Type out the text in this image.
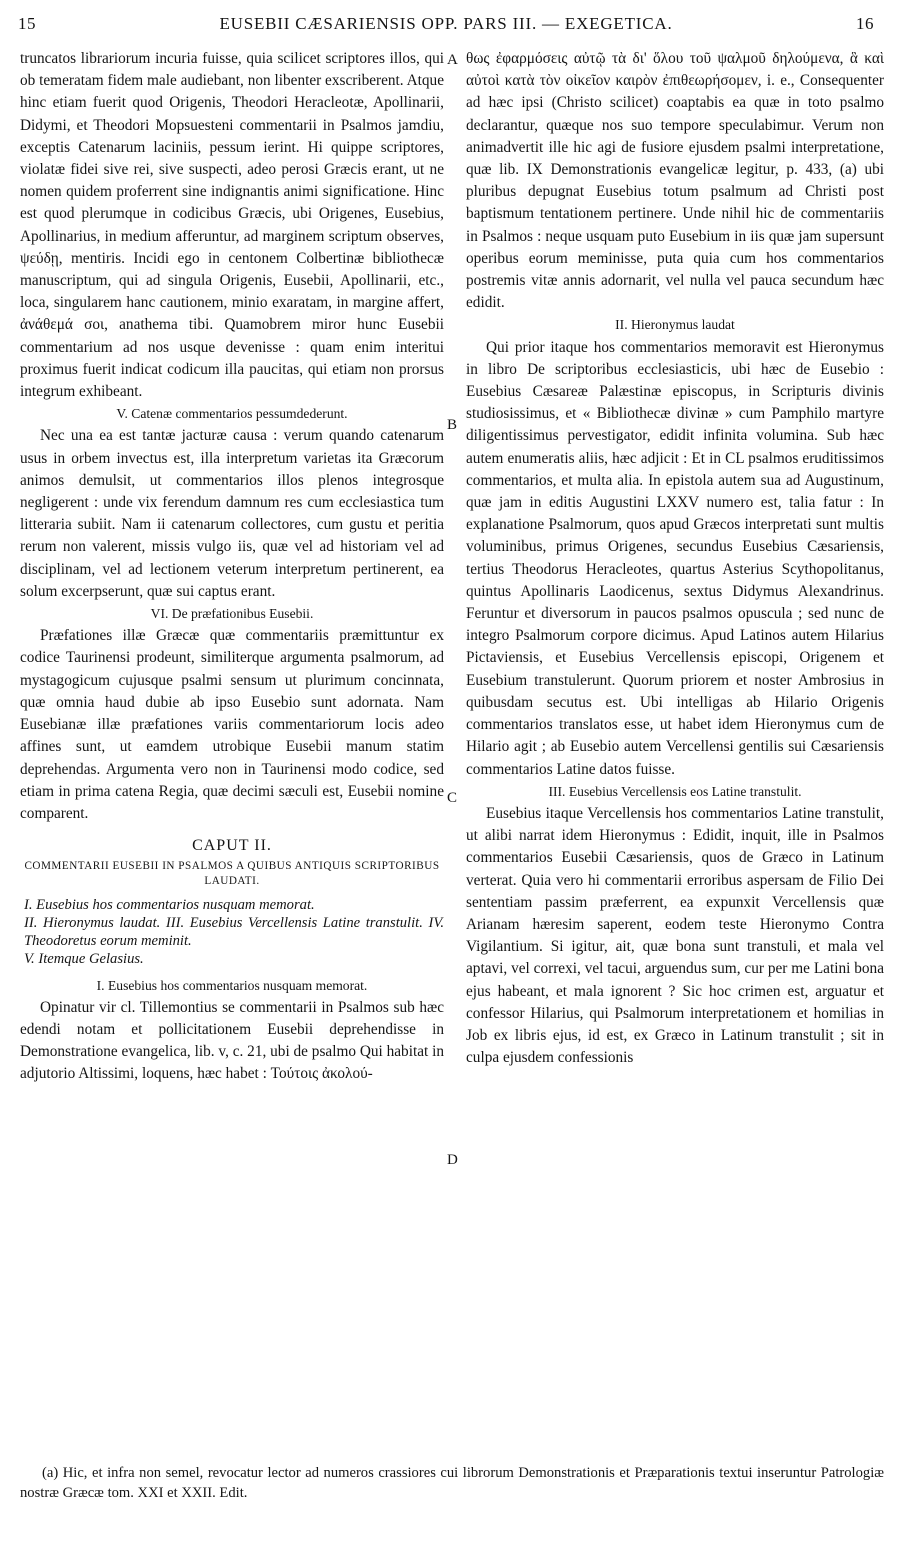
15	EUSEBII CÆSARIENSIS OPP. PARS III. — EXEGETICA.	16

truncatos librariorum incuria fuisse, quia scilicet scriptores illos, qui ob temeratam fidem male audiebant, non libenter exscriberent. Atque hinc etiam fuerit quod Origenis, Theodori Heracleotæ, Apollinarii, Didymi, et Theodori Mopsuesteni commentarii in Psalmos jamdiu, exceptis Catenarum laciniis, pessum ierint. Hi quippe scriptores, violatæ fidei sive rei, sive suspecti, adeo perosi Græcis erant, ut ne nomen quidem proferrent sine indignantis animi significatione. Hinc est quod plerumque in codicibus Græcis, ubi Origenes, Eusebius, Apollinarius, in medium afferuntur, ad marginem scriptum observes, ψεύδῃ, mentiris. Incidi ego in centonem Colbertinæ bibliothecæ manuscriptum, qui ad singula Origenis, Eusebii, Apollinarii, etc., loca, singularem hanc cautionem, minio exaratam, in margine affert, ἀνάθεμά σοι, anathema tibi. Quamobrem miror hunc Eusebii commentarium ad nos usque devenisse : quam enim interitui proximus fuerit indicat codicum illa paucitas, qui etiam non prorsus integrum exhibeant.

V. Catenæ commentarios pessumdederunt.

Nec una ea est tantæ jacturæ causa : verum quando catenarum usus in orbem invectus est, illa interpretum varietas ita Græcorum animos demulsit, ut commentarios illos plenos integrosque negligerent : unde vix ferendum damnum res cum ecclesiastica tum litteraria subiit. Nam ii catenarum collectores, cum gustu et peritia rerum non valerent, missis vulgo iis, quæ vel ad historiam vel ad disciplinam, vel ad lectionem veterum interpretum pertinerent, ea solum excerpserunt, quæ sui captus erant.

VI. De præfationibus Eusebii.

Præfationes illæ Græcæ quæ commentariis præmittuntur ex codice Taurinensi prodeunt, similiterque argumenta psalmorum, ad mystagogicum cujusque psalmi sensum ut plurimum concinnata, quæ omnia haud dubie ab ipso Eusebio sunt adornata. Nam Eusebianæ illæ præfationes variis commentariorum locis adeo affines sunt, ut eamdem utrobique Eusebii manum statim deprehendas. Argumenta vero non in Taurinensi modo codice, sed etiam in prima catena Regia, quæ decimi sæculi est, Eusebii nomine comparent.

CAPUT II.
COMMENTARII EUSEBII IN PSALMOS A QUIBUS ANTIQUIS SCRIPTORIBUS LAUDATI.
I. Eusebius hos commentarios nusquam memorat.
II. Hieronymus laudat. III. Eusebius Vercellensis Latine transtulit. IV. Theodoretus eorum meminit.
V. Itemque Gelasius.

I. Eusebius hos commentarios nusquam memorat.

Opinatur vir cl. Tillemontius se commentarii in Psalmos sub hæc edendi notam et pollicitationem Eusebii deprehendisse in Demonstratione evangelica, lib. v, c. 21, ubi de psalmo Qui habitat in adjutorio Altissimi, loquens, hæc habet : Τούτοις ἀκολού-

θως ἐφαρμόσεις αὐτῷ τὰ δι' ὅλου τοῦ ψαλμοῦ δηλούμενα, ἃ καὶ αὐτοὶ κατὰ τὸν οἰκεῖον καιρὸν ἐπιθεωρήσομεν, i. e., Consequenter ad hæc ipsi (Christo scilicet) coaptabis ea quæ in toto psalmo declarantur, quæque nos suo tempore speculabimur. Verum non animadvertit ille hic agi de fusiore ejusdem psalmi interpretatione, quæ lib. IX Demonstrationis evangelicæ legitur, p. 433, (a) ubi pluribus depugnat Eusebius totum psalmum ad Christi post baptismum tentationem pertinere. Unde nihil hic de commentariis in Psalmos : neque usquam puto Eusebium in iis quæ jam supersunt operibus eorum meminisse, puta quia cum hos commentarios postremis vitæ annis adornarit, vel nulla vel pauca secundum hæc edidit.

II. Hieronymus laudat

Qui prior itaque hos commentarios memoravit est Hieronymus in libro De scriptoribus ecclesiasticis, ubi hæc de Eusebio : Eusebius Cæsareæ Palæstinæ episcopus, in Scripturis divinis studiosissimus, et « Bibliothecæ divinæ » cum Pamphilo martyre diligentissimus pervestigator, edidit infinita volumina. Sub hæc autem enumeratis aliis, hæc adjicit : Et in CL psalmos eruditissimos commentarios, et multa alia. In epistola autem sua ad Augustinum, quæ jam in editis Augustini LXXV numero est, talia fatur : In explanatione Psalmorum, quos apud Græcos interpretati sunt multis voluminibus, primus Origenes, secundus Eusebius Cæsariensis, tertius Theodorus Heracleotes, quartus Asterius Scythopolitanus, quintus Apollinaris Laodicenus, sextus Didymus Alexandrinus. Feruntur et diversorum in paucos psalmos opuscula ; sed nunc de integro Psalmorum corpore dicimus. Apud Latinos autem Hilarius Pictaviensis, et Eusebius Vercellensis episcopi, Origenem et Eusebium transtulerunt. Quorum priorem et noster Ambrosius in quibusdam secutus est. Ubi intelligas ab Hilario Origenis commentarios translatos esse, ut habet idem Hieronymus cum de Hilario agit ; ab Eusebio autem Vercellensi gentilis sui Cæsariensis commentarios Latine datos fuisse.

III. Eusebius Vercellensis eos Latine transtulit.

Eusebius itaque Vercellensis hos commentarios Latine transtulit, ut alibi narrat idem Hieronymus : Edidit, inquit, ille in Psalmos commentarios Eusebii Cæsariensis, quos de Græco in Latinum verterat. Quia vero hi commentarii erroribus aspersam de Filio Dei sententiam passim præferrent, ea expunxit Vercellensis quæ Arianam hæresim saperent, eodem teste Hieronymo Contra Vigilantium. Si igitur, ait, quæ bona sunt transtuli, et mala vel aptavi, vel correxi, vel tacui, arguendus sum, cur per me Latini bona ejus habeant, et mala ignorent ? Sic hoc crimen est, arguatur et confessor Hilarius, qui Psalmorum interpretationem et homilias in Job ex libris ejus, id est, ex Græco in Latinum transtulit ; sit in culpa ejusdem confessionis

A
B
C
D
(a) Hic, et infra non semel, revocatur lector ad numeros crassiores cui librorum Demonstrationis et Præparationis textui inseruntur Patrologiæ nostræ Græcæ tom. XXI et XXII. Edit.
